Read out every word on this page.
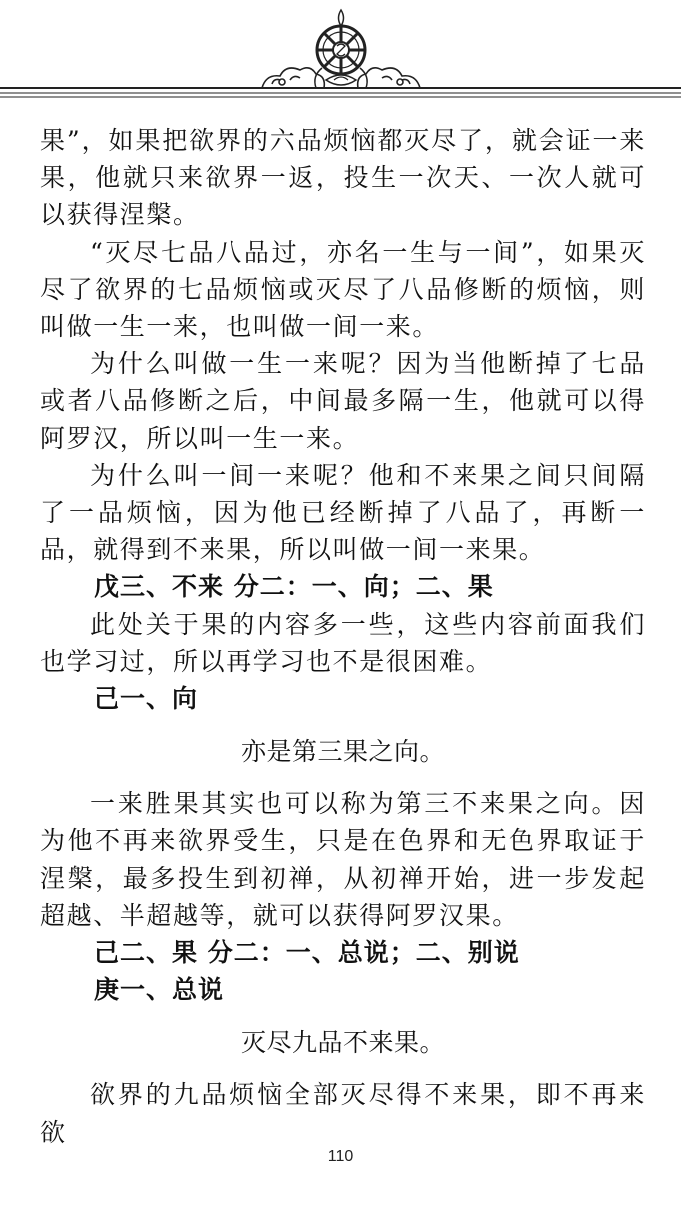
果”，如果把欲界的六品烦恼都灭尽了，就会证一来果，他就只来欲界一返，投生一次天、一次人就可以获得涅槃。

“灭尽七品八品过，亦名一生与一间”，如果灭尽了欲界的七品烦恼或灭尽了八品修断的烦恼，则叫做一生一来，也叫做一间一来。

为什么叫做一生一来呢？因为当他断掉了七品或者八品修断之后，中间最多隔一生，他就可以得阿罗汉，所以叫一生一来。

为什么叫一间一来呢？他和不来果之间只间隔了一品烦恼，因为他已经断掉了八品了，再断一品，就得到不来果，所以叫做一间一来果。

戊三、不来 分二：一、向；二、果

此处关于果的内容多一些，这些内容前面我们也学习过，所以再学习也不是很困难。

己一、向

亦是第三果之向。

一来胜果其实也可以称为第三不来果之向。因为他不再来欲界受生，只是在色界和无色界取证于涅槃，最多投生到初禅，从初禅开始，进一步发起超越、半超越等，就可以获得阿罗汉果。

己二、果 分二：一、总说；二、别说

庚一、总说

灭尽九品不来果。

欲界的九品烦恼全部灭尽得不来果，即不再来欲

110
